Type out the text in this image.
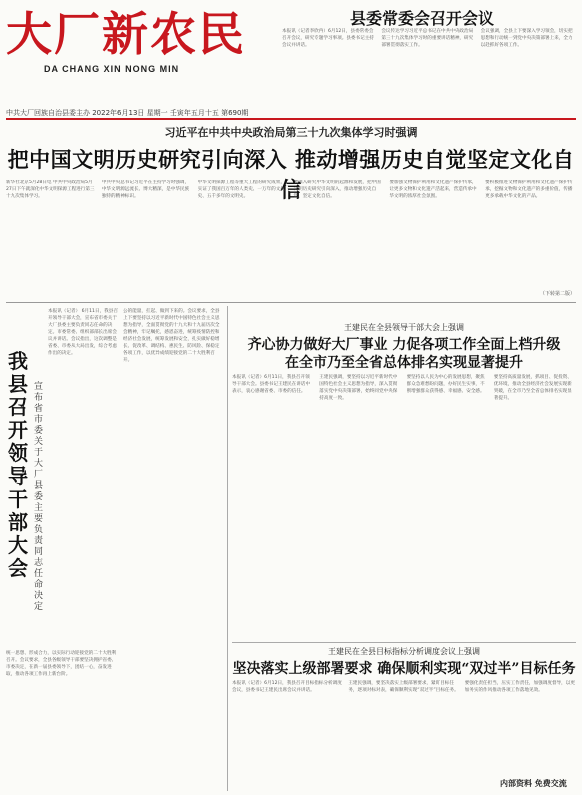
大厂新农民
DA CHANG XIN NONG MIN
中共大厂回族自治县委主办 2022年6月13日 星期一 壬寅年五月十五 第690期
县委常委会召开会议
本报讯（记者李欣冉）6月12日，县委常委会召开会议，研究专题学习事项。县委书记主持会议并讲话。
会议传达学习习近平总书记在中共中央政治局第三十九次集体学习时的重要讲话精神，研究部署贯彻落实工作。
会议强调，全县上下要深入学习领会，切实把思想和行动统一到党中央决策部署上来，全力以赴抓好各项工作。
习近平在中共中央政治局第三十九次集体学习时强调
把中国文明历史研究引向深入 推动增强历史自觉坚定文化自信
新华社北京5月28日电 中共中央政治局5月27日下午就深化中华文明探源工程进行第三十九次集体学习。
中共中央总书记习近平在主持学习时强调，中华文明源远流长、博大精深，是中华民族独特的精神标识。
中华文明探源工程等重大工程的研究成果，实证了我国百万年的人类史、一万年的文化史、五千多年的文明史。
要深入研究中华文明的起源和发展，把中国文明历史研究引向深入，推动增强历史自觉、坚定文化自信。
要加强文物保护利用和文化遗产保护传承，让更多文物和文化遗产活起来，营造传承中华文明的浓厚社会氛围。
要积极推进文物保护利用和文化遗产保护传承，挖掘文物和文化遗产的多重价值，传播更多承载中华文化的产品。
（下转第二版）
我县召开领导干部大会
宣布省市委关于大厂县委主要负责同志任命决定
本报讯（记者） 6月11日，我县召开领导干部大会，宣布省市委关于大厂县委主要负责同志任命的决定。市委常委、组织部部长出席会议并讲话。会议指出，这次调整是省委、市委从大局出发，综合考虑作出的决定。
统一思想、形成合力，以实际行动迎接党的二十大胜利召开。会议要求，全县各级领导干部要坚决拥护省委、市委决定，在新一届县委领导下，团结一心，奋发进取，推动各项工作再上新台阶。
公的能量，扛起、做到下来的。会议要求，全县上下要坚持以习近平新时代中国特色社会主义思想为指导，全面贯彻党的十九大和十九届历次全会精神，牢记嘱托，感恩奋进，统筹疫情防控和经济社会发展，统筹发展和安全，扎实做好稳增长、促改革、调结构、惠民生、防风险、保稳定各项工作，以优异成绩迎接党的二十大胜利召开。
王建民在全县领导干部大会上强调
齐心协力做好大厂事业 力促各项工作全面上档升级
在全市乃至全省总体排名实现显著提升
本报讯（记者）6月11日，我县召开领导干部大会。县委书记王建民在讲话中表示，衷心感谢省委、市委的信任。
王建民强调，要坚持以习近平新时代中国特色社会主义思想为指导，深入贯彻落实党中央决策部署，始终同党中央保持高度一致。
要坚持以人民为中心的发展思想，聚焦群众急难愁盼问题，办好民生实事，不断增强群众获得感、幸福感、安全感。
要坚持高质量发展，抓项目、促投资、优环境，推动全县经济社会发展实现新突破，在全市乃至全省总体排名实现显著提升。
王建民在全县目标指标分析调度会议上强调
坚决落实上级部署要求 确保顺利实现“双过半”目标任务
本报讯（记者）6月12日，我县召开目标指标分析调度会议，县委书记王建民出席会议并讲话。
王建民强调，要坚决落实上级部署要求，紧盯目标任务，逐项对标对表，确保顺利实现“双过半”目标任务。
要强化责任担当，压实工作责任，加强调度督导，以更加务实的作风推动各项工作落地见效。
内部资料 免费交流
